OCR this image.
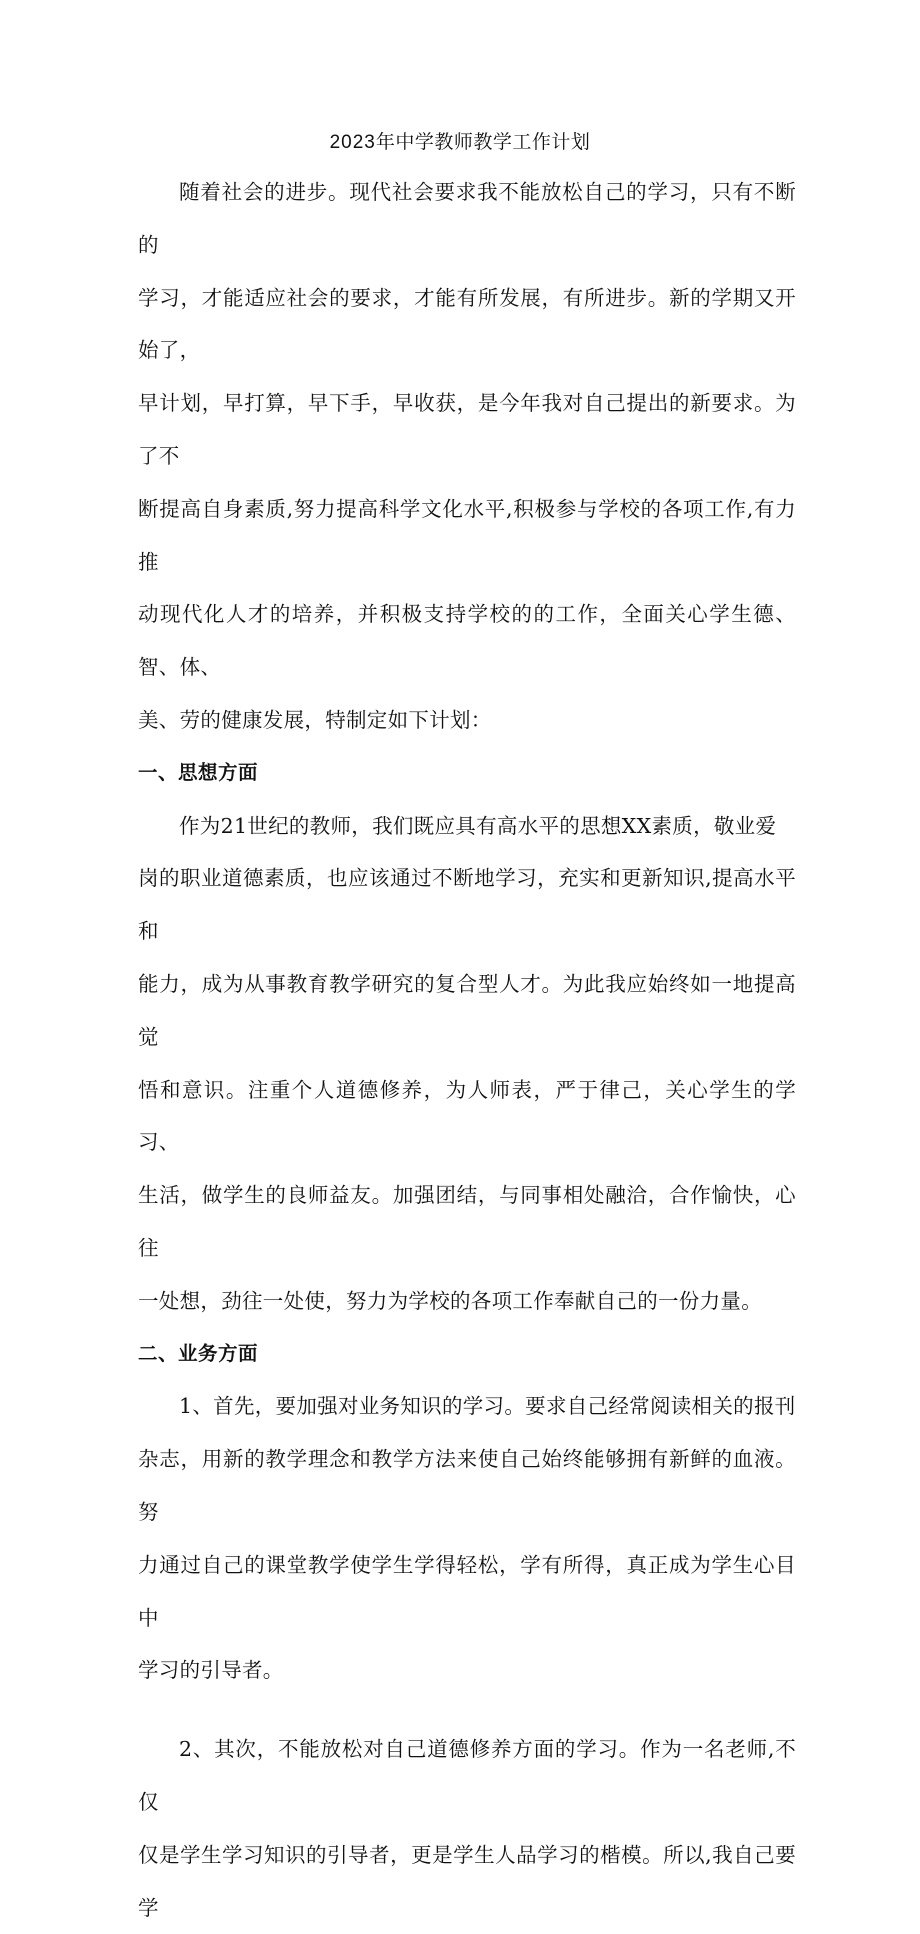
2023年中学教师教学工作计划

随着社会的进步。现代社会要求我不能放松自己的学习，只有不断的
学习，才能适应社会的要求，才能有所发展，有所进步。新的学期又开始了，
早计划，早打算，早下手，早收获，是今年我对自己提出的新要求。为了不
断提高自身素质,努力提高科学文化水平,积极参与学校的各项工作,有力推
动现代化人才的培养，并积极支持学校的的工作，全面关心学生德、智、体、
美、劳的健康发展，特制定如下计划：

一、思想方面

作为21世纪的教师，我们既应具有高水平的思想XX素质，敬业爱
岗的职业道德素质，也应该通过不断地学习，充实和更新知识,提高水平和
能力，成为从事教育教学研究的复合型人才。为此我应始终如一地提高觉
悟和意识。注重个人道德修养，为人师表，严于律己，关心学生的学习、
生活，做学生的良师益友。加强团结，与同事相处融洽，合作愉快，心往
一处想，劲往一处使，努力为学校的各项工作奉献自己的一份力量。

二、业务方面

1、首先，要加强对业务知识的学习。要求自己经常阅读相关的报刊
杂志，用新的教学理念和教学方法来使自己始终能够拥有新鲜的血液。努
力通过自己的课堂教学使学生学得轻松，学有所得，真正成为学生心目中
学习的引导者。

2、其次，不能放松对自己道德修养方面的学习。作为一名老师,不仅
仅是学生学习知识的引导者，更是学生人品学习的楷模。所以,我自己要学
